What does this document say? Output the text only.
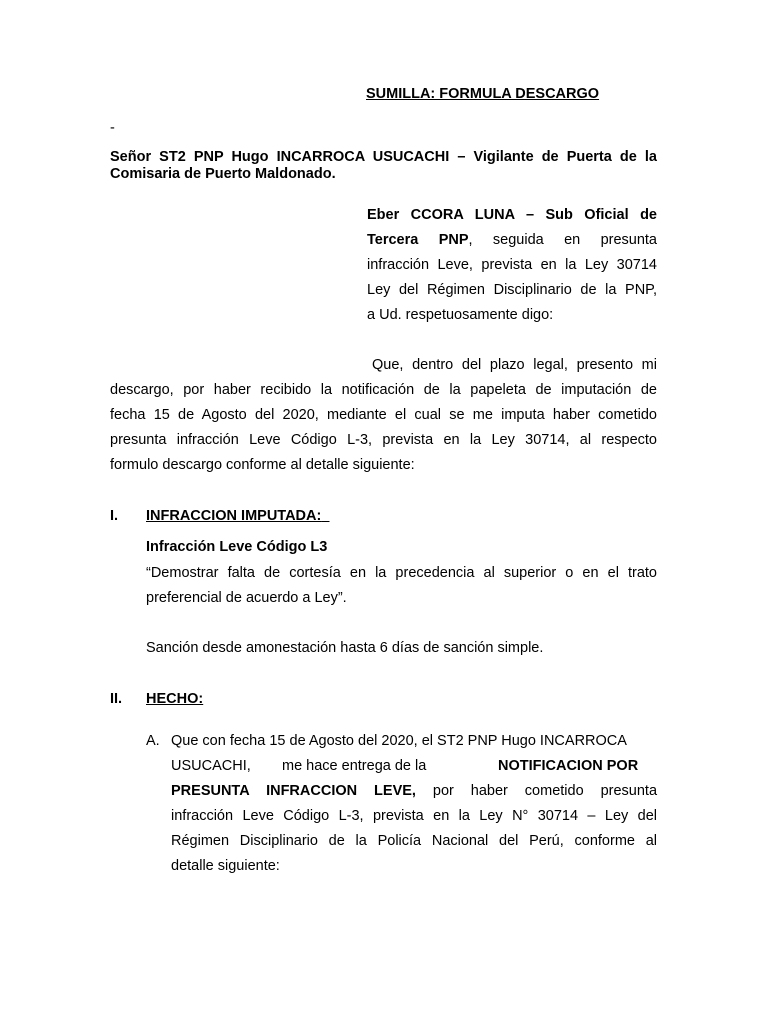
SUMILLA: FORMULA DESCARGO
-
Señor ST2 PNP Hugo INCARROCA USUCACHI – Vigilante de Puerta de la
Comisaria de Puerto Maldonado.
Eber CCORA LUNA – Sub Oficial de
Tercera PNP, seguida en presunta
infracción Leve, prevista en la Ley 30714
Ley del Régimen Disciplinario de la PNP,
a Ud. respetuosamente digo:
Que, dentro del plazo legal, presento mi
descargo, por haber recibido la notificación de la papeleta de imputación de
fecha 15 de Agosto del 2020, mediante el cual se me imputa haber cometido
presunta infracción Leve Código L-3, prevista en la Ley 30714, al respecto
formulo descargo conforme al detalle siguiente:
I. INFRACCION IMPUTADA:_
Infracción Leve Código L3
“Demostrar falta de cortesía en la precedencia al superior o en el trato
preferencial de acuerdo a Ley”.
Sanción desde amonestación hasta 6 días de sanción simple.
II. HECHO:
A. Que con fecha 15 de Agosto del 2020, el ST2 PNP Hugo INCARROCA
USUCACHI, me hace entrega de la	NOTIFICACION POR
PRESUNTA INFRACCION LEVE, por haber cometido presunta
infracción Leve Código L-3, prevista en la Ley N° 30714 – Ley del
Régimen Disciplinario de la Policía Nacional del Perú, conforme al
detalle siguiente:
